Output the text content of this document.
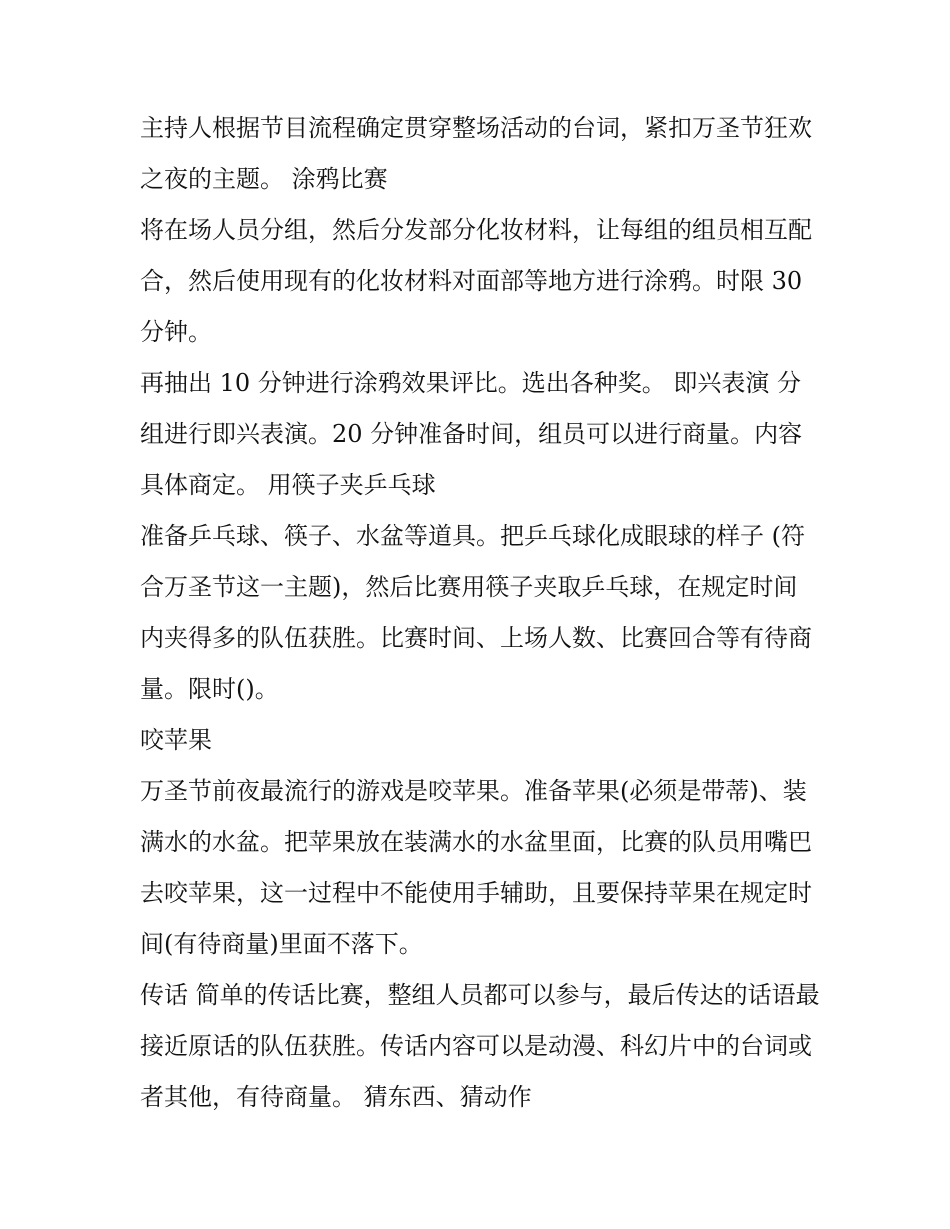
主持人根据节目流程确定贯穿整场活动的台词，紧扣万圣节狂欢之夜的主题。 涂鸦比赛

将在场人员分组，然后分发部分化妆材料，让每组的组员相互配合，然后使用现有的化妆材料对面部等地方进行涂鸦。时限 30 分钟。

再抽出 10 分钟进行涂鸦效果评比。选出各种奖。 即兴表演 分组进行即兴表演。20 分钟准备时间，组员可以进行商量。内容具体商定。 用筷子夹乒乓球

准备乒乓球、筷子、水盆等道具。把乒乓球化成眼球的样子 (符合万圣节这一主题)，然后比赛用筷子夹取乒乓球，在规定时间内夹得多的队伍获胜。比赛时间、上场人数、比赛回合等有待商量。限时()。

咬苹果

万圣节前夜最流行的游戏是咬苹果。准备苹果(必须是带蒂)、装满水的水盆。把苹果放在装满水的水盆里面，比赛的队员用嘴巴去咬苹果，这一过程中不能使用手辅助，且要保持苹果在规定时间(有待商量)里面不落下。

传话 简单的传话比赛，整组人员都可以参与，最后传达的话语最接近原话的队伍获胜。传话内容可以是动漫、科幻片中的台词或者其他，有待商量。 猜东西、猜动作
